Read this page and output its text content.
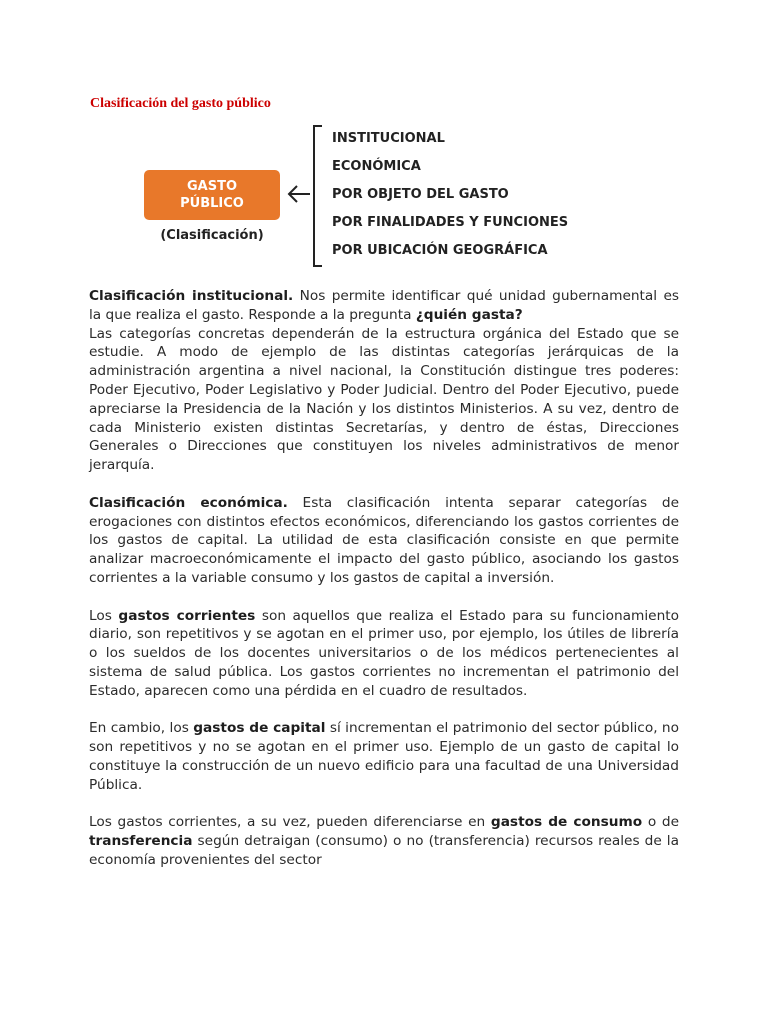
Clasificación del gasto público
GASTO
PÚBLICO
(Clasificación)
INSTITUCIONAL
ECONÓMICA
POR OBJETO DEL GASTO
POR FINALIDADES Y FUNCIONES
POR UBICACIÓN GEOGRÁFICA

Clasificación institucional. Nos permite identificar qué unidad gubernamental es la que realiza el gasto. Responde a la pregunta ¿quién gasta?

Las categorías concretas dependerán de la estructura orgánica del Estado que se estudie. A modo de ejemplo de las distintas categorías jerárquicas de la administración argentina a nivel nacional, la Constitución distingue tres poderes: Poder Ejecutivo, Poder Legislativo y Poder Judicial. Dentro del Poder Ejecutivo, puede apreciarse la Presidencia de la Nación y los distintos Ministerios. A su vez, dentro de cada Ministerio existen distintas Secretarías, y dentro de éstas, Direcciones Generales o Direcciones que constituyen los niveles administrativos de menor jerarquía.

Clasificación económica. Esta clasificación intenta separar categorías de erogaciones con distintos efectos económicos, diferenciando los gastos corrientes de los gastos de capital. La utilidad de esta clasificación consiste en que permite analizar macroeconómicamente el impacto del gasto público, asociando los gastos corrientes a la variable consumo y los gastos de capital a inversión.

Los gastos corrientes son aquellos que realiza el Estado para su funcionamiento diario, son repetitivos y se agotan en el primer uso, por ejemplo, los útiles de librería o los sueldos de los docentes universitarios o de los médicos pertenecientes al sistema de salud pública. Los gastos corrientes no incrementan el patrimonio del Estado, aparecen como una pérdida en el cuadro de resultados.

En cambio, los gastos de capital sí incrementan el patrimonio del sector público, no son repetitivos y no se agotan en el primer uso. Ejemplo de un gasto de capital lo constituye la construcción de un nuevo edificio para una facultad de una Universidad Pública.

Los gastos corrientes, a su vez, pueden diferenciarse en gastos de consumo o de transferencia según detraigan (consumo) o no (transferencia) recursos reales de la economía provenientes del sector
